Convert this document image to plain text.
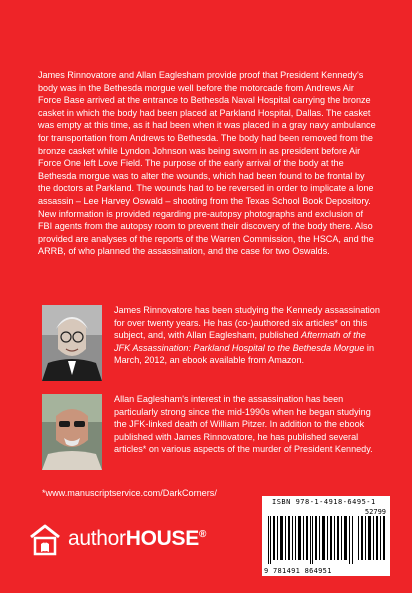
James Rinnovatore and Allan Eaglesham provide proof that President Kennedy's body was in the Bethesda morgue well before the motorcade from Andrews Air Force Base arrived at the entrance to Bethesda Naval Hospital carrying the bronze casket in which the body had been placed at Parkland Hospital, Dallas. The casket was empty at this time, as it had been when it was placed in a gray navy ambulance for transportation from Andrews to Bethesda. The body had been removed from the bronze casket while Lyndon Johnson was being sworn in as president before Air Force One left Love Field. The purpose of the early arrival of the body at the Bethesda morgue was to alter the wounds, which had been found to be frontal by the doctors at Parkland. The wounds had to be reversed in order to implicate a lone assassin – Lee Harvey Oswald – shooting from the Texas School Book Depository. New information is provided regarding pre-autopsy photographs and exclusion of FBI agents from the autopsy room to prevent their discovery of the body there. Also provided are analyses of the reports of the Warren Commission, the HSCA, and the ARRB, of who planned the assassination, and the case for two Oswalds.

James Rinnovatore has been studying the Kennedy assassination for over twenty years. He has (co-)authored six articles* on this subject, and, with Allan Eaglesham, published Aftermath of the JFK Assassination: Parkland Hospital to the Bethesda Morgue in March, 2012, an ebook available from Amazon.

Allan Eaglesham's interest in the assassination has been particularly strong since the mid-1990s when he began studying the JFK-linked death of William Pitzer. In addition to the ebook published with James Rinnovatore, he has published several articles* on various aspects of the murder of President Kennedy.

*www.manuscriptservice.com/DarkCorners/

authorHOUSE®
ISBN 978-1-4918-6495-1
52799
9 781491 864951
